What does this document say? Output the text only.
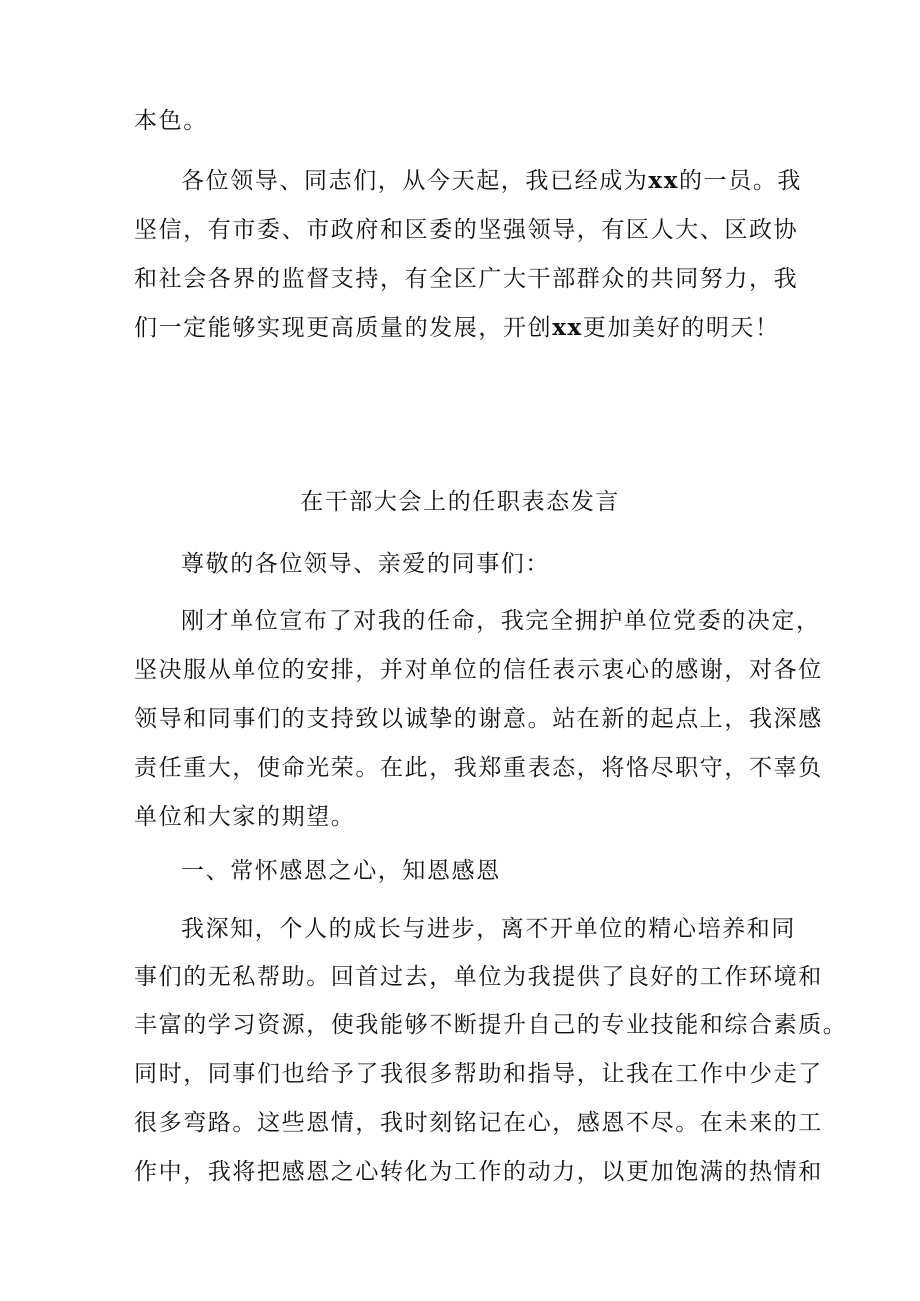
本色。

各位领导、同志们，从今天起，我已经成为xx的一员。我

坚信，有市委、市政府和区委的坚强领导，有区人大、区政协

和社会各界的监督支持，有全区广大干部群众的共同努力，我

们一定能够实现更高质量的发展，开创xx更加美好的明天！

在干部大会上的任职表态发言

尊敬的各位领导、亲爱的同事们：

刚才单位宣布了对我的任命，我完全拥护单位党委的决定，

坚决服从单位的安排，并对单位的信任表示衷心的感谢，对各位

领导和同事们的支持致以诚挚的谢意。站在新的起点上，我深感

责任重大，使命光荣。在此，我郑重表态，将恪尽职守，不辜负

单位和大家的期望。

一、常怀感恩之心，知恩感恩

我深知，个人的成长与进步，离不开单位的精心培养和同

事们的无私帮助。回首过去，单位为我提供了良好的工作环境和

丰富的学习资源，使我能够不断提升自己的专业技能和综合素质。

同时，同事们也给予了我很多帮助和指导，让我在工作中少走了

很多弯路。这些恩情，我时刻铭记在心，感恩不尽。在未来的工

作中，我将把感恩之心转化为工作的动力，以更加饱满的热情和
